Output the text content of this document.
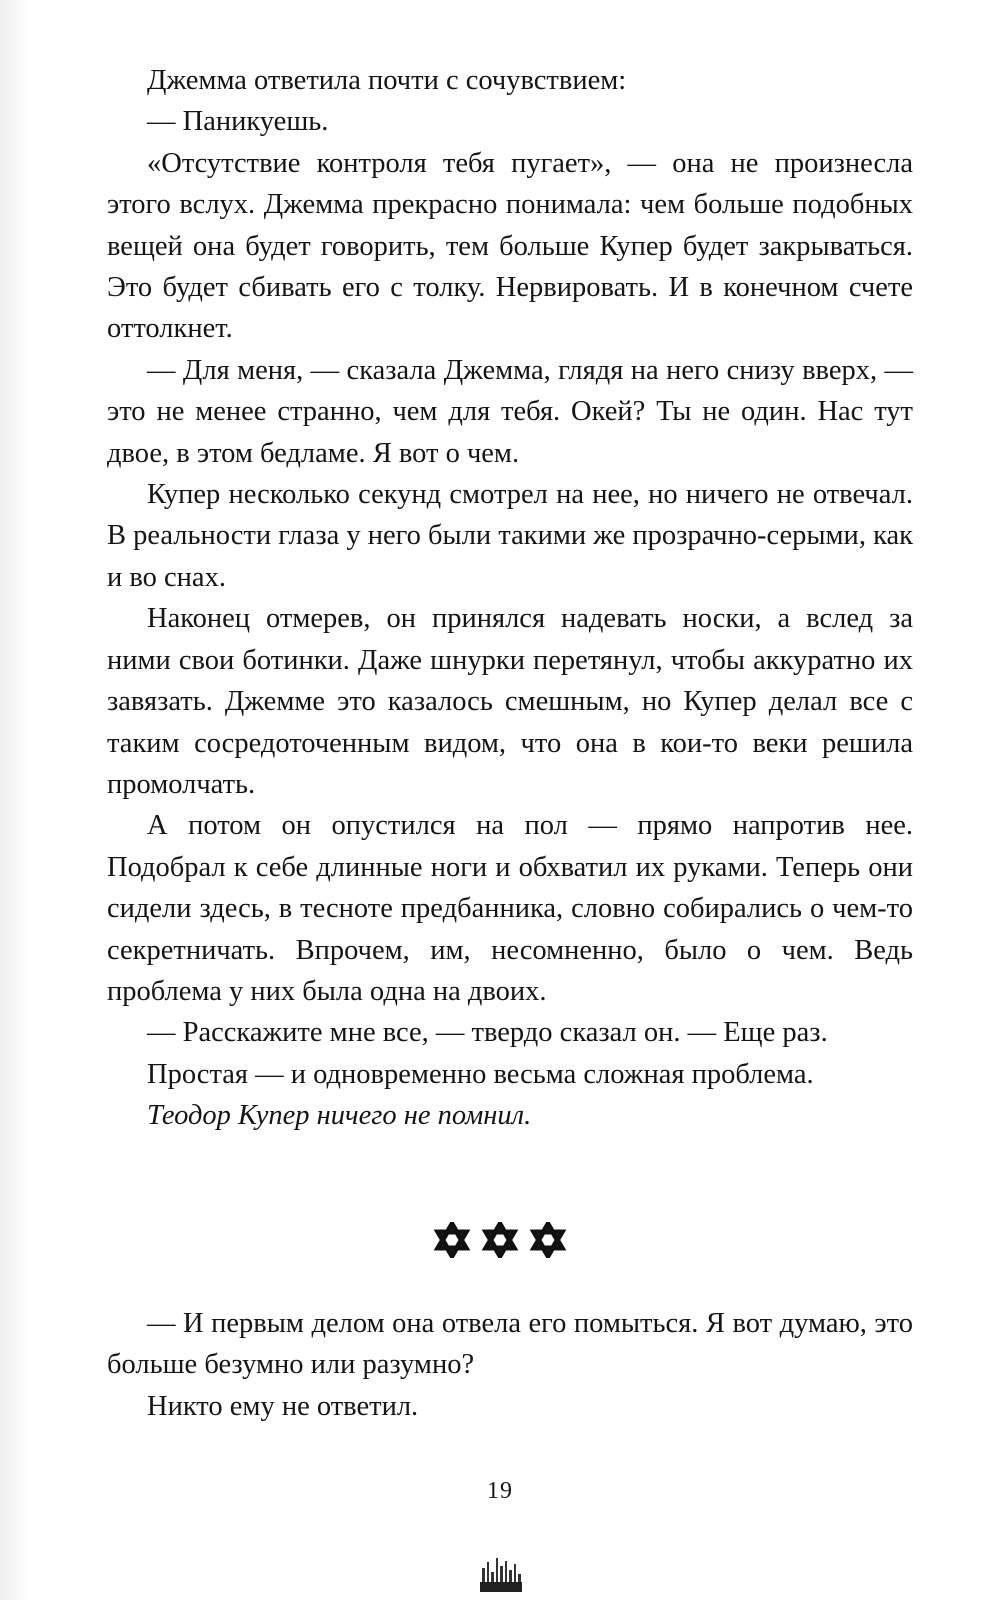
Джемма ответила почти с сочувствием:

— Паникуешь.

«Отсутствие контроля тебя пугает», — она не произнесла этого вслух. Джемма прекрасно понимала: чем больше подобных вещей она будет говорить, тем больше Купер будет закрываться. Это будет сбивать его с толку. Нервировать. И в конечном счете оттолкнет.

— Для меня, — сказала Джемма, глядя на него снизу вверх, — это не менее странно, чем для тебя. Окей? Ты не один. Нас тут двое, в этом бедламе. Я вот о чем.

Купер несколько секунд смотрел на нее, но ничего не отвечал. В реальности глаза у него были такими же прозрачно-серыми, как и во снах.

Наконец отмерев, он принялся надевать носки, а вслед за ними свои ботинки. Даже шнурки перетянул, чтобы аккуратно их завязать. Джемме это казалось смешным, но Купер делал все с таким сосредоточенным видом, что она в кои-то веки решила промолчать.

А потом он опустился на пол — прямо напротив нее. Подобрал к себе длинные ноги и обхватил их руками. Теперь они сидели здесь, в тесноте предбанника, словно собирались о чем-то секретничать. Впрочем, им, несомненно, было о чем. Ведь проблема у них была одна на двоих.

— Расскажите мне все, — твердо сказал он. — Еще раз.

Простая — и одновременно весьма сложная проблема.

Теодор Купер ничего не помнил.

— И первым делом она отвела его помыться. Я вот думаю, это больше безумно или разумно?

Никто ему не ответил.

19
